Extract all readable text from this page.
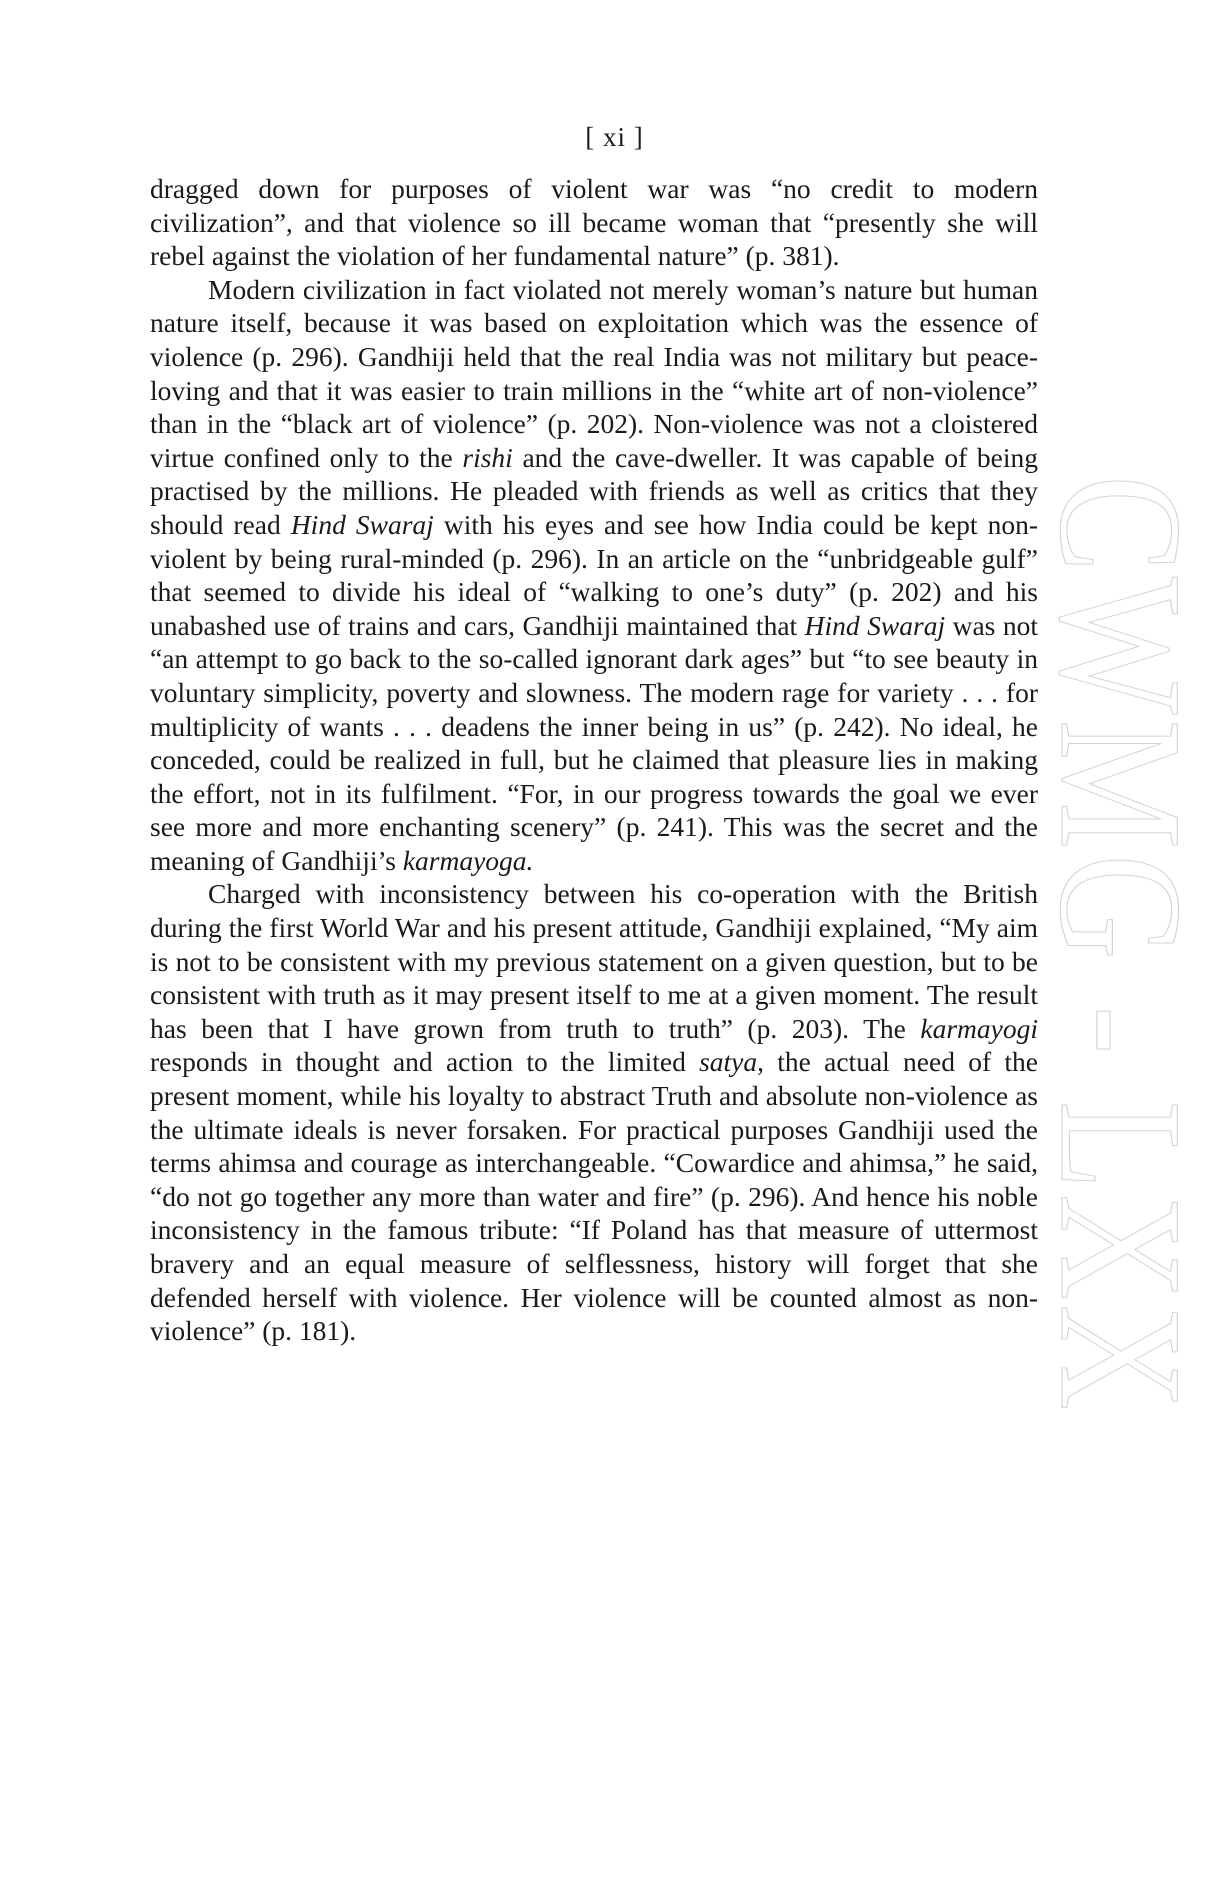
[ xi ]
CWMG - LXX

dragged down for purposes of violent war was “no credit to modern civilization”, and that violence so ill became woman that “presently she will rebel against the violation of her fundamental nature” (p. 381).

Modern civilization in fact violated not merely woman’s nature but human nature itself, because it was based on exploitation which was the essence of violence (p. 296). Gandhiji held that the real India was not military but peace-loving and that it was easier to train millions in the “white art of non-violence” than in the “black art of violence” (p. 202). Non-violence was not a cloistered virtue confined only to the rishi and the cave-dweller. It was capable of being practised by the millions. He pleaded with friends as well as critics that they should read Hind Swaraj with his eyes and see how India could be kept non-violent by being rural-minded (p. 296). In an article on the “unbridgeable gulf” that seemed to divide his ideal of “walking to one’s duty” (p. 202) and his unabashed use of trains and cars, Gandhiji maintained that Hind Swaraj was not “an attempt to go back to the so-called ignorant dark ages” but “to see beauty in voluntary simplicity, poverty and slowness. The modern rage for variety . . . for multiplicity of wants . . . deadens the inner being in us” (p. 242). No ideal, he conceded, could be realized in full, but he claimed that pleasure lies in making the effort, not in its fulfilment. “For, in our progress towards the goal we ever see more and more enchanting scenery” (p. 241). This was the secret and the meaning of Gandhiji’s karmayoga.

Charged with inconsistency between his co-operation with the British during the first World War and his present attitude, Gandhiji explained, “My aim is not to be consistent with my previous statement on a given question, but to be consistent with truth as it may present itself to me at a given moment. The result has been that I have grown from truth to truth” (p. 203). The karmayogi responds in thought and action to the limited satya, the actual need of the present moment, while his loyalty to abstract Truth and absolute non-violence as the ultimate ideals is never forsaken. For practical purposes Gandhiji used the terms ahimsa and courage as interchangeable. “Cowardice and ahimsa,” he said, “do not go together any more than water and fire” (p. 296). And hence his noble inconsistency in the famous tribute: “If Poland has that measure of uttermost bravery and an equal measure of selflessness, history will forget that she defended herself with violence. Her violence will be counted almost as non-violence” (p. 181).
